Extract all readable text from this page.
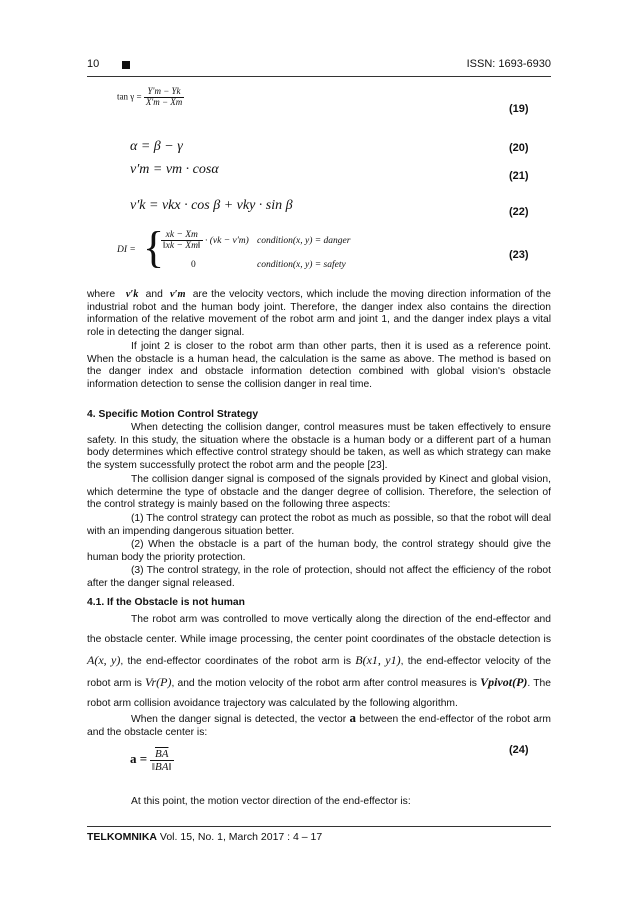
10	ISSN: 1693-6930
$\tan \gamma = \frac{Y'm - Yk}{X'm - Xm}$
(19)
α = β − γ	(20)
v′m = vm · cosα	(21)
v′k = vkx · cos β + vky · sin β	(22)
DI = {
$\frac{xk - Xm}{‖xk - Xm‖} \cdot (vk - v'm)$ condition(x, y) = danger
0	condition(x, y) = safety
(23)
where v′k and v′m are the velocity vectors, which include the moving direction information of the industrial robot and the human body joint. Therefore, the danger index also contains the direction information of the relative movement of the robot arm and joint 1, and the danger index plays a vital role in detecting the danger signal.
If joint 2 is closer to the robot arm than other parts, then it is used as a reference point. When the obstacle is a human head, the calculation is the same as above. The method is based on the danger index and obstacle information detection combined with global vision's obstacle information detection to sense the collision danger in real time.
4. Specific Motion Control Strategy
When detecting the collision danger, control measures must be taken effectively to ensure safety. In this study, the situation where the obstacle is a human body or a different part of a human body determines which effective control strategy should be taken, as well as which strategy can make the system successfully protect the robot arm and the people [23].
The collision danger signal is composed of the signals provided by Kinect and global vision, which determine the type of obstacle and the danger degree of collision. Therefore, the selection of the control strategy is mainly based on the following three aspects:
(1) The control strategy can protect the robot as much as possible, so that the robot will deal with an impending dangerous situation better.
(2) When the obstacle is a part of the human body, the control strategy should give the human body the priority protection.
(3) The control strategy, in the role of protection, should not affect the efficiency of the robot after the danger signal released.
4.1. If the Obstacle is not human
The robot arm was controlled to move vertically along the direction of the end-effector and the obstacle center. While image processing, the center point coordinates of the obstacle detection is A(x, y), the end-effector coordinates of the robot arm is B(x1, y1), the end-effector velocity of the robot arm is Vr(P), and the motion velocity of the robot arm after control measures is Vpivot(P). The robot arm collision avoidance trajectory was calculated by the following algorithm.
When the danger signal is detected, the vector a between the end-effector of the robot arm and the obstacle center is:
$a = \frac{\overline{BA}}{‖BA‖}$	(24)
At this point, the motion vector direction of the end-effector is:
TELKOMNIKA Vol. 15, No. 1, March 2017 : 4 – 17
